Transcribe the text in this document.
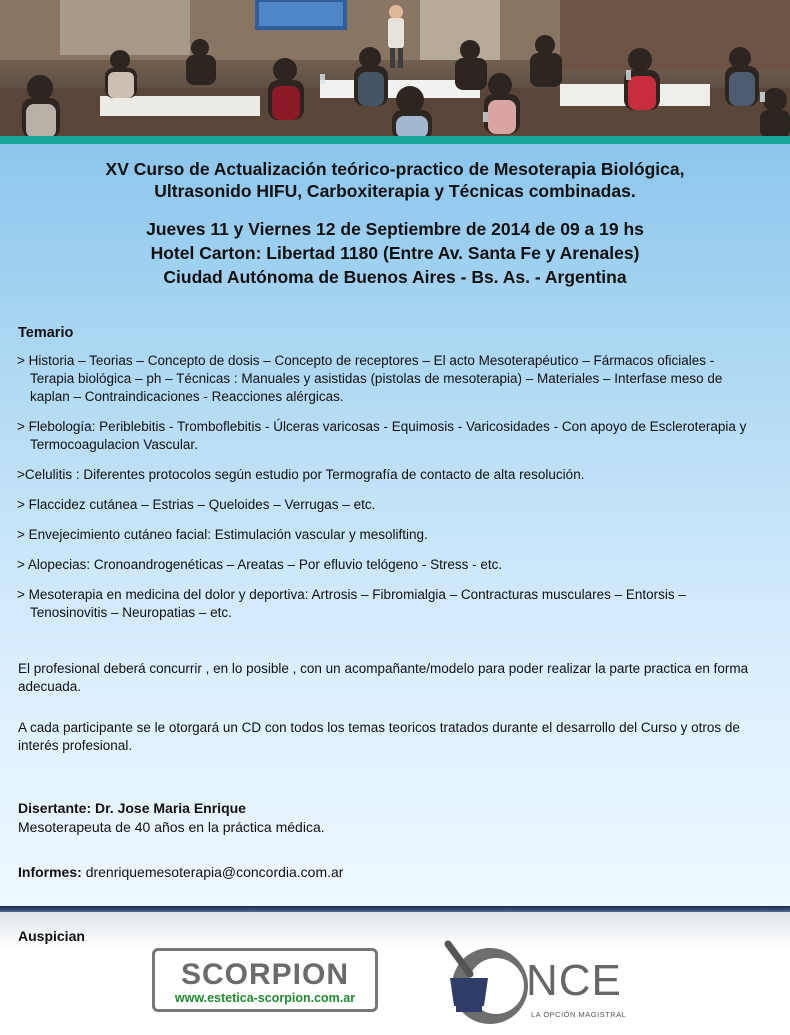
XV Curso de Actualización teórico-practico de Mesoterapia Biológica,
Ultrasonido HIFU, Carboxiterapia y Técnicas combinadas.
Jueves 11 y Viernes 12 de Septiembre de 2014 de 09 a 19 hs
Hotel Carton: Libertad 1180 (Entre Av. Santa Fe y Arenales)
Ciudad Autónoma de Buenos Aires - Bs. As. - Argentina
Temario
> Historia – Teorias – Concepto de dosis – Concepto de receptores – El acto Mesoterapéutico – Fármacos oficiales - Terapia biológica – ph – Técnicas : Manuales y asistidas (pistolas de mesoterapia) – Materiales – Interfase meso de kaplan – Contraindicaciones - Reacciones alérgicas.
> Flebología: Periblebitis - Tromboflebitis - Úlceras varicosas - Equimosis - Varicosidades - Con apoyo de Escleroterapia y Termocoagulacion Vascular.
>Celulitis : Diferentes protocolos según estudio por Termografía de contacto de alta resolución.
> Flaccidez cutánea – Estrias – Queloides – Verrugas – etc.
> Envejecimiento cutáneo facial: Estimulación vascular y mesolifting.
> Alopecias: Cronoandrogenéticas – Areatas – Por efluvio telógeno - Stress - etc.
> Mesoterapia en medicina del dolor y deportiva: Artrosis – Fibromialgia – Contracturas musculares – Entorsis – Tenosinovitis – Neuropatias – etc.
El profesional deberá concurrir , en lo posible , con un acompañante/modelo para poder realizar la parte practica en forma adecuada.
A cada participante se le otorgará un CD con todos los temas teoricos tratados durante el desarrollo del Curso y otros de interés profesional.
Disertante: Dr. Jose Maria Enrique
Mesoterapeuta de 40 años en la práctica médica.
Informes: drenriquemesoterapia@concordia.com.ar
Auspician
SCORPION
www.estetica-scorpion.com.ar	NCE
LA OPCIÓN MAGISTRAL
